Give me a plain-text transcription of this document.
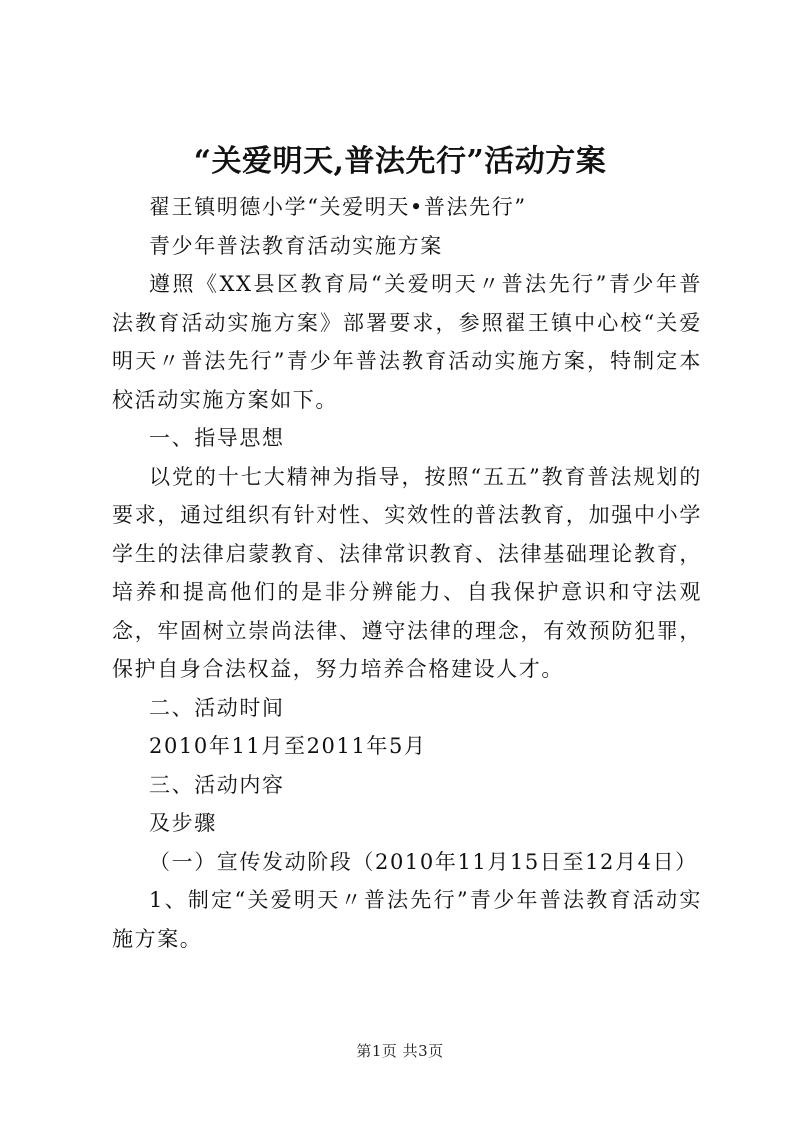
“关爱明天,普法先行”活动方案

翟王镇明德小学“关爱明天•普法先行”

青少年普法教育活动实施方案

遵照《XX县区教育局“关爱明天〃普法先行”青少年普法教育活动实施方案》部署要求，参照翟王镇中心校“关爱明天〃普法先行”青少年普法教育活动实施方案，特制定本校活动实施方案如下。

一、指导思想

以党的十七大精神为指导，按照“五五”教育普法规划的要求，通过组织有针对性、实效性的普法教育，加强中小学学生的法律启蒙教育、法律常识教育、法律基础理论教育，培养和提高他们的是非分辨能力、自我保护意识和守法观念，牢固树立崇尚法律、遵守法律的理念，有效预防犯罪，保护自身合法权益，努力培养合格建设人才。

二、活动时间

2010年11月至2011年5月

三、活动内容

及步骤

（一）宣传发动阶段（2010年11月15日至12月4日）

1、制定“关爱明天〃普法先行”青少年普法教育活动实施方案。

第1页 共3页
